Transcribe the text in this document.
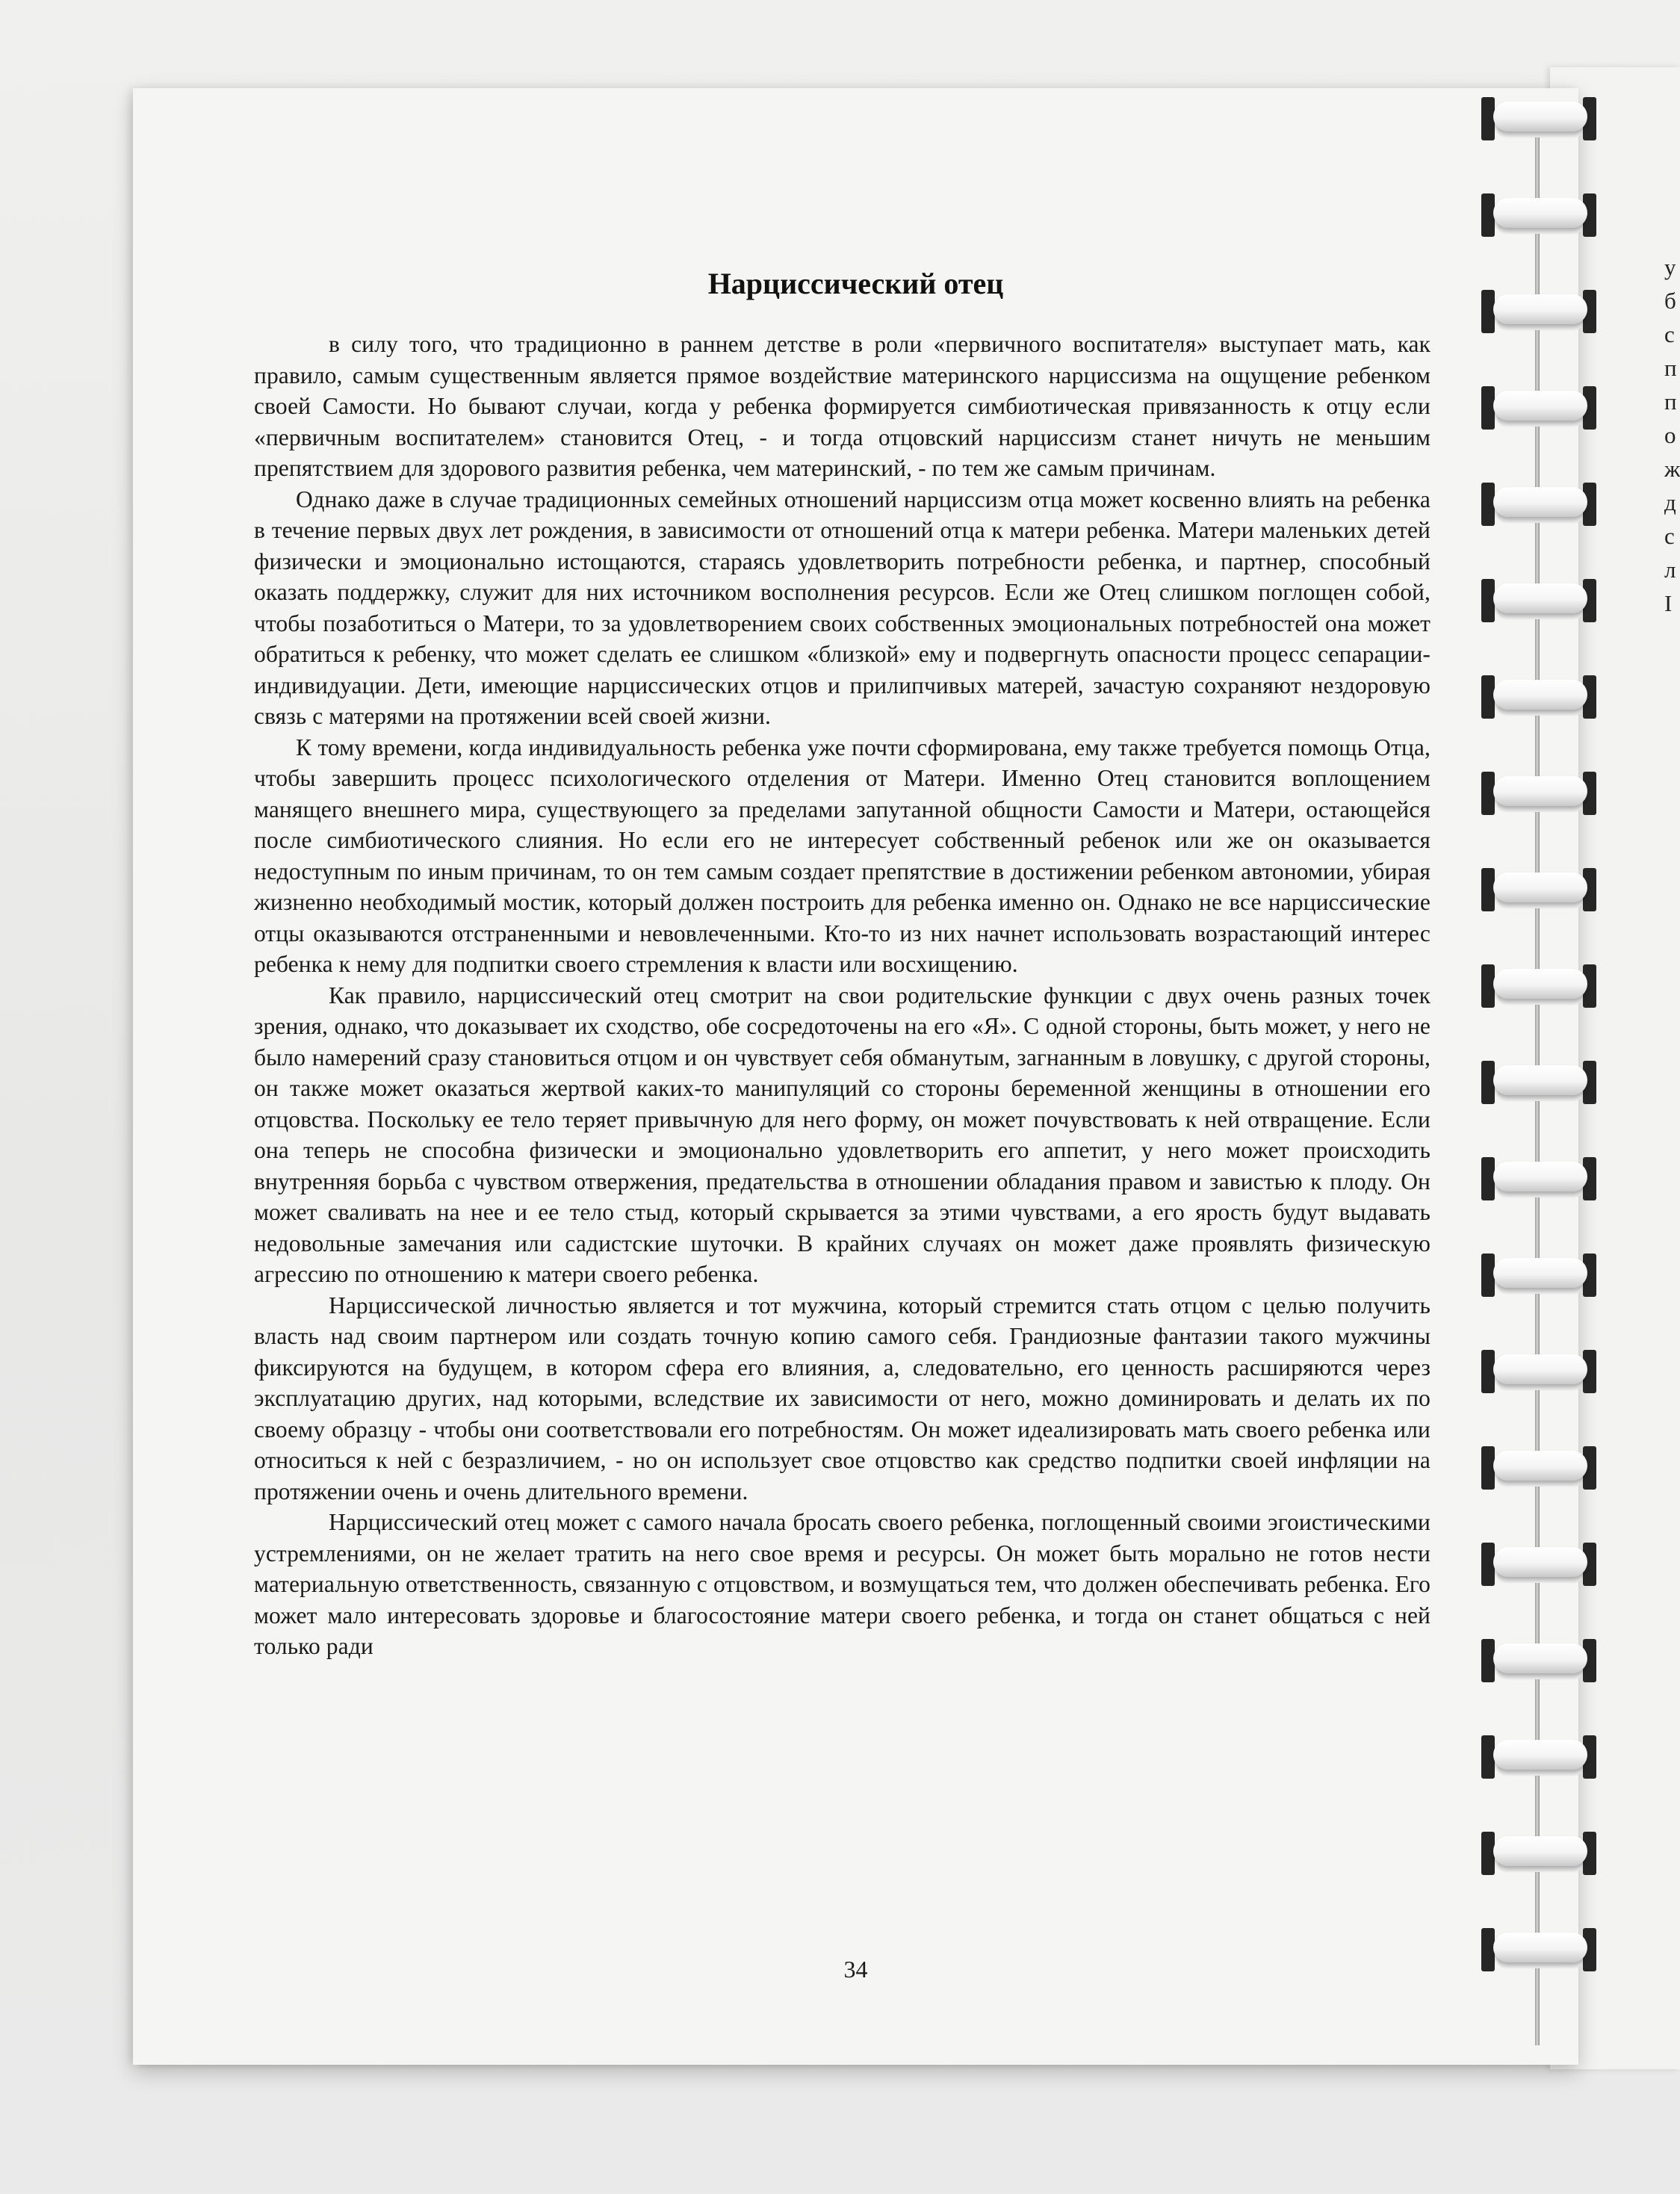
у
б
с
п
п
о
ж
д
с
л
I
Нарциссический отец

в силу того, что традиционно в раннем детстве в роли «первичного воспитателя» выступает мать, как правило, самым существенным является прямое воздействие материнского нарциссизма на ощущение ребенком своей Самости. Но бывают случаи, когда у ребенка формируется симбиотическая привязанность к отцу если «первичным воспитателем» становится Отец, - и тогда отцовский нарциссизм станет ничуть не меньшим препятствием для здорового развития ребенка, чем материнский, - по тем же самым причинам.

Однако даже в случае традиционных семейных отношений нарциссизм отца может косвенно влиять на ребенка в течение первых двух лет рождения, в зависимости от отношений отца к матери ребенка. Матери маленьких детей физически и эмоционально истощаются, стараясь удовлетворить потребности ребенка, и партнер, способный оказать поддержку, служит для них источником восполнения ресурсов. Если же Отец слишком поглощен собой, чтобы позаботиться о Матери, то за удовлетворением своих собственных эмоциональных потребностей она может обратиться к ребенку, что может сделать ее слишком «близкой» ему и подвергнуть опасности процесс сепарации-индивидуации. Дети, имеющие нарциссических отцов и прилипчивых матерей, зачастую сохраняют нездоровую связь с матерями на протяжении всей своей жизни.

К тому времени, когда индивидуальность ребенка уже почти сформирована, ему также требуется помощь Отца, чтобы завершить процесс психологического отделения от Матери. Именно Отец становится воплощением манящего внешнего мира, существующего за пределами запутанной общности Самости и Матери, остающейся после симбиотического слияния. Но если его не интересует собственный ребенок или же он оказывается недоступным по иным причинам, то он тем самым создает препятствие в достижении ребенком автономии, убирая жизненно необходимый мостик, который должен построить для ребенка именно он. Однако не все нарциссические отцы оказываются отстраненными и невовлеченными. Кто-то из них начнет использовать возрастающий интерес ребенка к нему для подпитки своего стремления к власти или восхищению.

Как правило, нарциссический отец смотрит на свои родительские функции с двух очень разных точек зрения, однако, что доказывает их сходство, обе сосредоточены на его «Я». С одной стороны, быть может, у него не было намерений сразу становиться отцом и он чувствует себя обманутым, загнанным в ловушку, с другой стороны, он также может оказаться жертвой каких-то манипуляций со стороны беременной женщины в отношении его отцовства. Поскольку ее тело теряет привычную для него форму, он может почувствовать к ней отвращение. Если она теперь не способна физически и эмоционально удовлетворить его аппетит, у него может происходить внутренняя борьба с чувством отвержения, предательства в отношении обладания правом и завистью к плоду. Он может сваливать на нее и ее тело стыд, который скрывается за этими чувствами, а его ярость будут выдавать недовольные замечания или садистские шуточки. В крайних случаях он может даже проявлять физическую агрессию по отношению к матери своего ребенка.

Нарциссической личностью является и тот мужчина, который стремится стать отцом с целью получить власть над своим партнером или создать точную копию самого себя. Грандиозные фантазии такого мужчины фиксируются на будущем, в котором сфера его влияния, а, следовательно, его ценность расширяются через эксплуатацию других, над которыми, вследствие их зависимости от него, можно доминировать и делать их по своему образцу - чтобы они соответствовали его потребностям. Он может идеализировать мать своего ребенка или относиться к ней с безразличием, - но он использует свое отцовство как средство подпитки своей инфляции на протяжении очень и очень длительного времени.

Нарциссический отец может с самого начала бросать своего ребенка, поглощенный своими эгоистическими устремлениями, он не желает тратить на него свое время и ресурсы. Он может быть морально не готов нести материальную ответственность, связанную с отцовством, и возмущаться тем, что должен обеспечивать ребенка. Его может мало интересовать здоровье и благосостояние матери своего ребенка, и тогда он станет общаться с ней только ради

34
